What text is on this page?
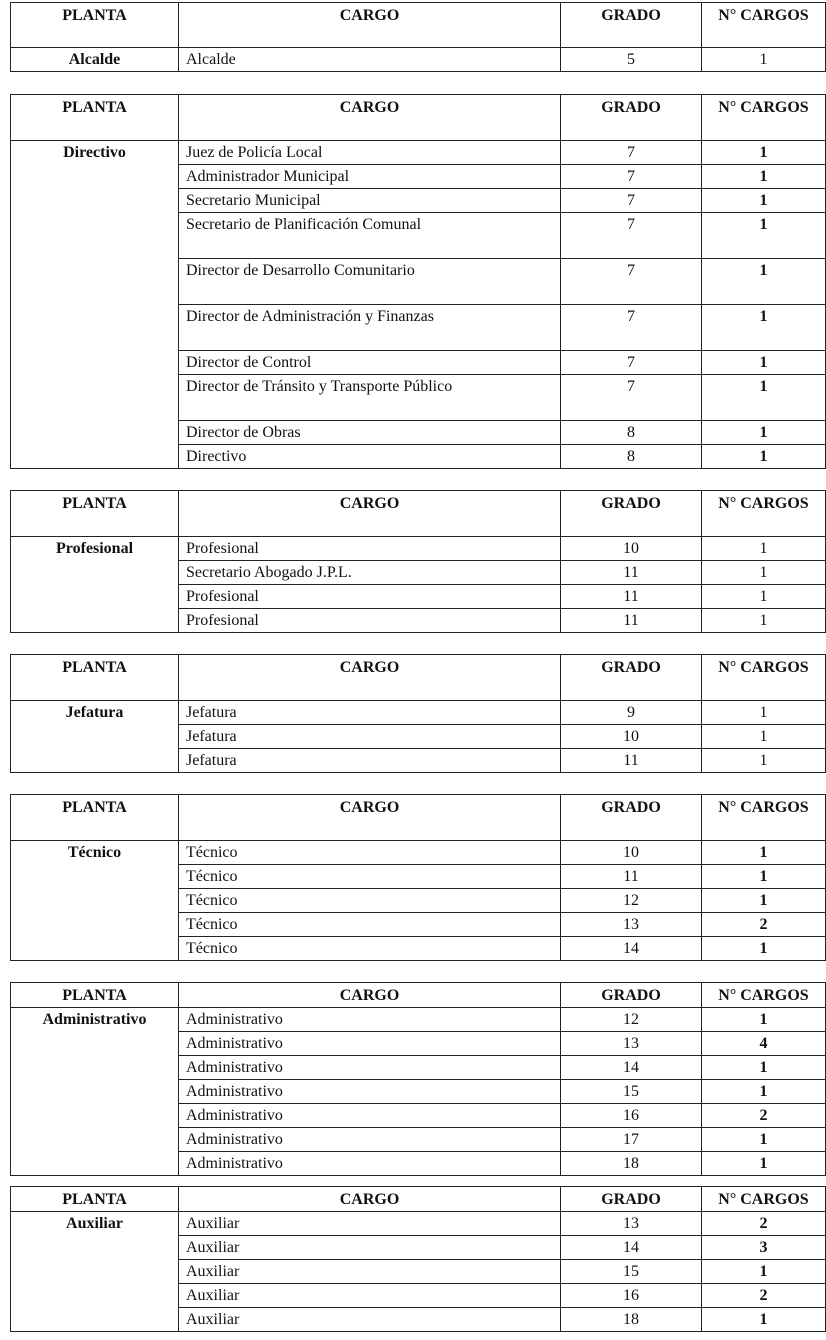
PLANTA	CARGO	GRADO	N° CARGOS
Alcalde	Alcalde	5	1
PLANTA	CARGO	GRADO	N° CARGOS
Directivo	Juez de Policía Local	7	1
	Administrador Municipal	7	1
	Secretario Municipal	7	1
	Secretario de Planificación Comunal	7	1
	Director de Desarrollo Comunitario	7	1
	Director de Administración y Finanzas	7	1
	Director de Control	7	1
	Director de Tránsito y Transporte Público	7	1
	Director de Obras	8	1
	Directivo	8	1
PLANTA	CARGO	GRADO	N° CARGOS
Profesional	Profesional	10	1
	Secretario Abogado J.P.L.	11	1
	Profesional	11	1
	Profesional	11	1
PLANTA	CARGO	GRADO	N° CARGOS
Jefatura	Jefatura	9	1
	Jefatura	10	1
	Jefatura	11	1
PLANTA	CARGO	GRADO	N° CARGOS
Técnico	Técnico	10	1
	Técnico	11	1
	Técnico	12	1
	Técnico	13	2
	Técnico	14	1
PLANTA	CARGO	GRADO	N° CARGOS
Administrativo	Administrativo	12	1
	Administrativo	13	4
	Administrativo	14	1
	Administrativo	15	1
	Administrativo	16	2
	Administrativo	17	1
	Administrativo	18	1
PLANTA	CARGO	GRADO	N° CARGOS
Auxiliar	Auxiliar	13	2
	Auxiliar	14	3
	Auxiliar	15	1
	Auxiliar	16	2
	Auxiliar	18	1
